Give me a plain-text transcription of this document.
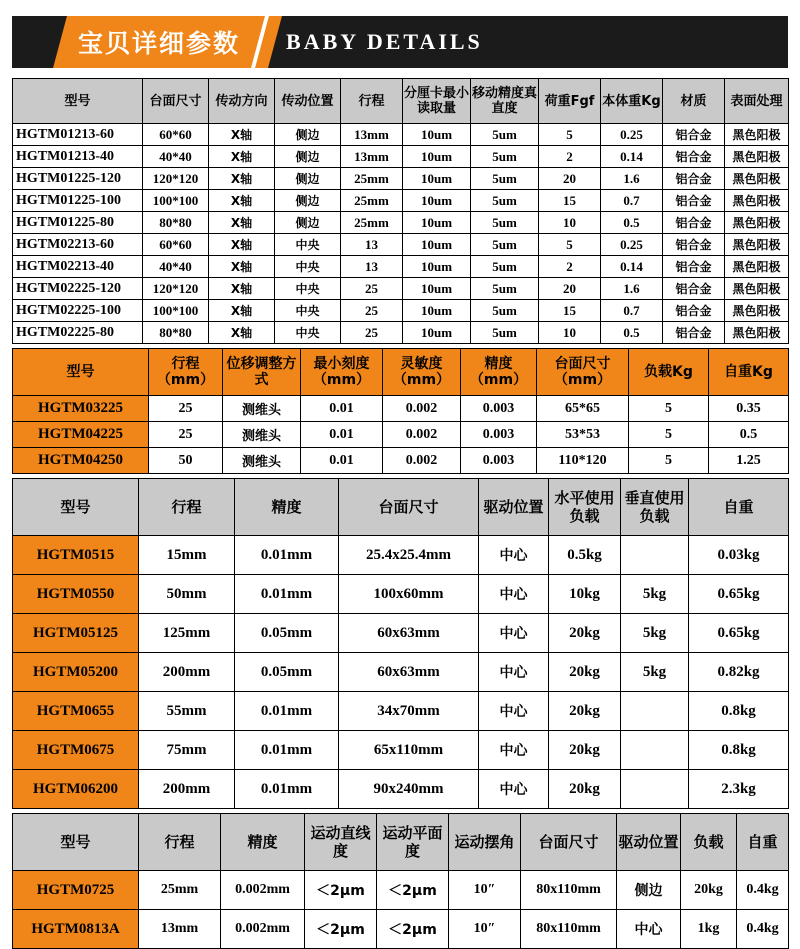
宝贝详细参数 BABY DETAILS
型号	台面尺寸	传动方向	传动位置	行程	分厘卡最小读取量	移动精度真直度	荷重Fgf	本体重Kg	材质	表面处理
HGTM01213-60	60*60	X轴	侧边	13mm	10um	5um	5	0.25	铝合金	黑色阳极
HGTM01213-40	40*40	X轴	侧边	13mm	10um	5um	2	0.14	铝合金	黑色阳极
HGTM01225-120	120*120	X轴	侧边	25mm	10um	5um	20	1.6	铝合金	黑色阳极
HGTM01225-100	100*100	X轴	侧边	25mm	10um	5um	15	0.7	铝合金	黑色阳极
HGTM01225-80	80*80	X轴	侧边	25mm	10um	5um	10	0.5	铝合金	黑色阳极
HGTM02213-60	60*60	X轴	中央	13	10um	5um	5	0.25	铝合金	黑色阳极
HGTM02213-40	40*40	X轴	中央	13	10um	5um	2	0.14	铝合金	黑色阳极
HGTM02225-120	120*120	X轴	中央	25	10um	5um	20	1.6	铝合金	黑色阳极
HGTM02225-100	100*100	X轴	中央	25	10um	5um	15	0.7	铝合金	黑色阳极
HGTM02225-80	80*80	X轴	中央	25	10um	5um	10	0.5	铝合金	黑色阳极
型号	行程（mm）	位移调整方式	最小刻度（mm）	灵敏度（mm）	精度（mm）	台面尺寸（mm）	负载Kg	自重Kg
HGTM03225	25	测维头	0.01	0.002	0.003	65*65	5	0.35
HGTM04225	25	测维头	0.01	0.002	0.003	53*53	5	0.5
HGTM04250	50	测维头	0.01	0.002	0.003	110*120	5	1.25
型号	行程	精度	台面尺寸	驱动位置	水平使用负载	垂直使用负载	自重
HGTM0515	15mm	0.01mm	25.4x25.4mm	中心	0.5kg		0.03kg
HGTM0550	50mm	0.01mm	100x60mm	中心	10kg	5kg	0.65kg
HGTM05125	125mm	0.05mm	60x63mm	中心	20kg	5kg	0.65kg
HGTM05200	200mm	0.05mm	60x63mm	中心	20kg	5kg	0.82kg
HGTM0655	55mm	0.01mm	34x70mm	中心	20kg		0.8kg
HGTM0675	75mm	0.01mm	65x110mm	中心	20kg		0.8kg
HGTM06200	200mm	0.01mm	90x240mm	中心	20kg		2.3kg
型号	行程	精度	运动直线度	运动平面度	运动摆角	台面尺寸	驱动位置	负载	自重
HGTM0725	25mm	0.002mm	＜2μm	＜2μm	10″	80x110mm	侧边	20kg	0.4kg
HGTM0813A	13mm	0.002mm	＜2μm	＜2μm	10″	80x110mm	中心	1kg	0.4kg
